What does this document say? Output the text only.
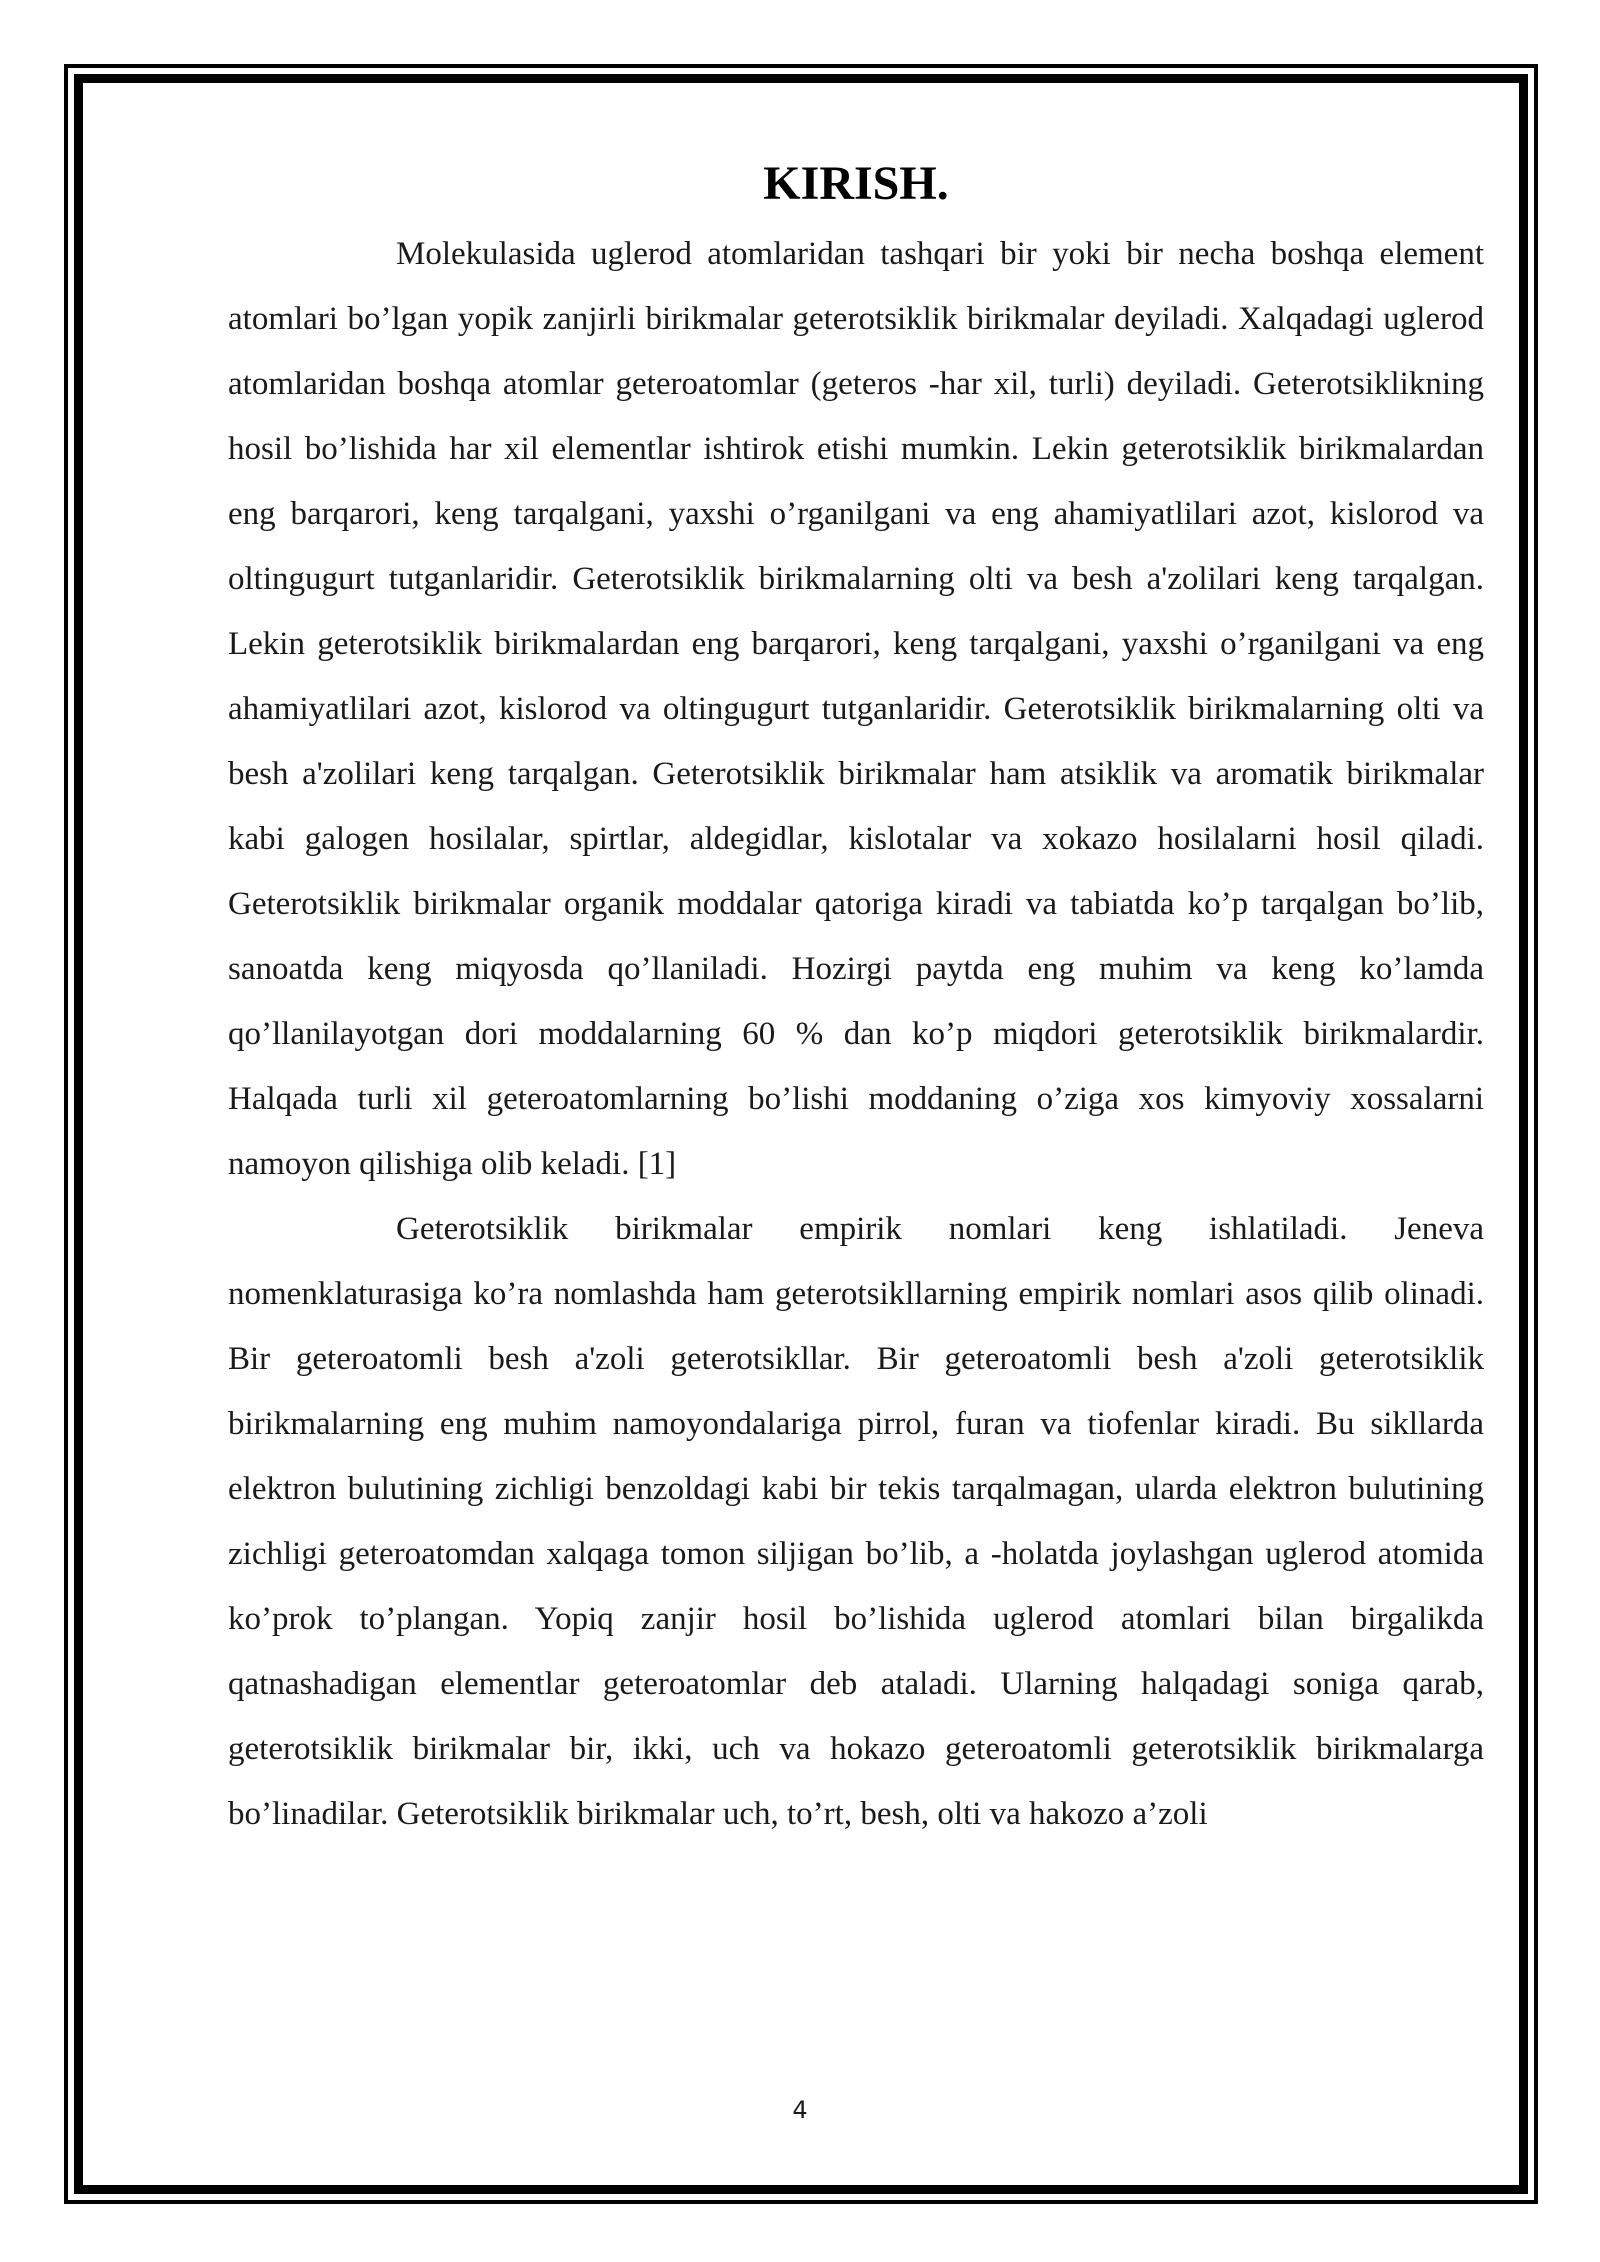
KIRISH.

Molekulasida uglerod atomlaridan tashqari bir yoki bir necha boshqa element atomlari bo’lgan yopik zanjirli birikmalar geterotsiklik birikmalar deyiladi. Xalqadagi uglerod atomlaridan boshqa atomlar geteroatomlar (geteros -har xil, turli) deyiladi. Geterotsiklikning hosil bo’lishida har xil elementlar ishtirok etishi mumkin. Lekin geterotsiklik birikmalardan eng barqarori, keng tarqalgani, yaxshi o’rganilgani va eng ahamiyatlilari azot, kislorod va oltingugurt tutganlaridir. Geterotsiklik birikmalarning olti va besh a'zolilari keng tarqalgan. Lekin geterotsiklik birikmalardan eng barqarori, keng tarqalgani, yaxshi o’rganilgani va eng ahamiyatlilari azot, kislorod va oltingugurt tutganlaridir. Geterotsiklik birikmalarning olti va besh a'zolilari keng tarqalgan. Geterotsiklik birikmalar ham atsiklik va aromatik birikmalar kabi galogen hosilalar, spirtlar, aldegidlar, kislotalar va xokazo hosilalarni hosil qiladi. Geterotsiklik birikmalar organik moddalar qatoriga kiradi va tabiatda ko’p tarqalgan bo’lib, sanoatda keng miqyosda qo’llaniladi. Hozirgi paytda eng muhim va keng ko’lamda qo’llanilayotgan dori moddalarning 60 % dan ko’p miqdori geterotsiklik birikmalardir. Halqada turli xil geteroatomlarning bo’lishi moddaning o’ziga xos kimyoviy xossalarni namoyon qilishiga olib keladi. [1]

Geterotsiklik birikmalar empirik nomlari keng ishlatiladi. Jeneva nomenklaturasiga ko’ra nomlashda ham geterotsikllarning empirik nomlari asos qilib olinadi. Bir geteroatomli besh a'zoli geterotsikllar. Bir geteroatomli besh a'zoli geterotsiklik birikmalarning eng muhim namoyondalariga pirrol, furan va tiofenlar kiradi. Bu sikllarda elektron bulutining zichligi benzoldagi kabi bir tekis tarqalmagan, ularda elektron bulutining zichligi geteroatomdan xalqaga tomon siljigan bo’lib, a -holatda joylashgan uglerod atomida ko’prok to’plangan. Yopiq zanjir hosil bo’lishida uglerod atomlari bilan birgalikda qatnashadigan elementlar geteroatomlar deb ataladi. Ularning halqadagi soniga qarab, geterotsiklik birikmalar bir, ikki, uch va hokazo geteroatomli geterotsiklik birikmalarga bo’linadilar. Geterotsiklik birikmalar uch, to’rt, besh, olti va hakozo a’zoli

4
